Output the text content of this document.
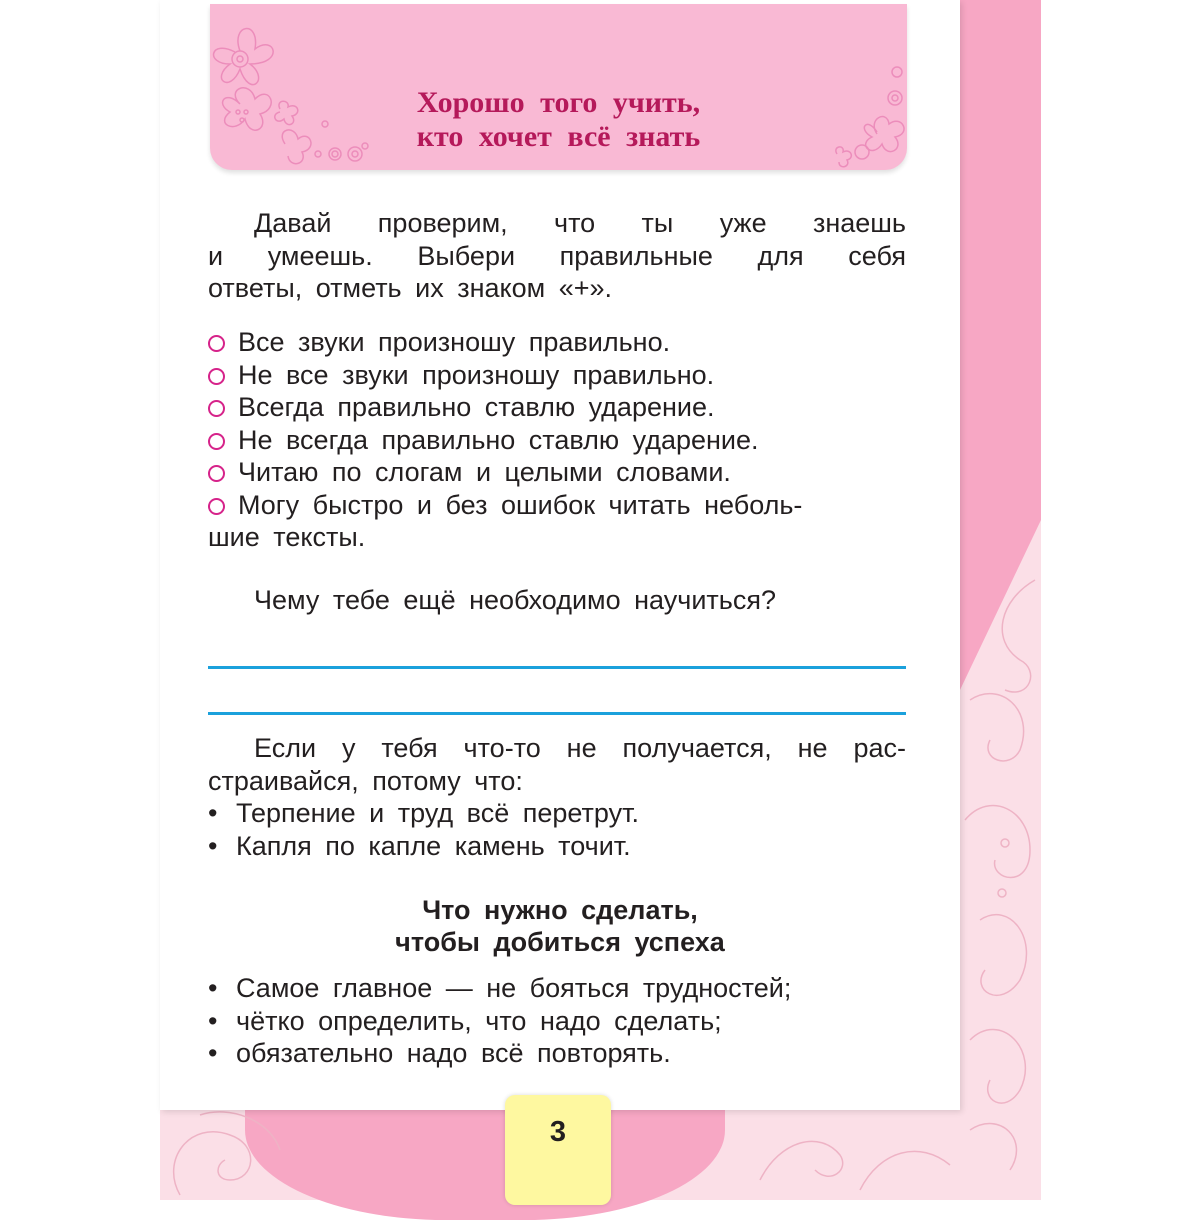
Хорошо того учить,
кто хочет всё знать
Давай проверим, что ты уже знаешь
и умеешь. Выбери правильные для себя
ответы, отметь их знаком «+».
Все звуки произношу правильно.
Не все звуки произношу правильно.
Всегда правильно ставлю ударение.
Не всегда правильно ставлю ударение.
Читаю по слогам и целыми словами.
Могу быстро и без ошибок читать неболь-
шие тексты.
Чему тебе ещё необходимо научиться?
Если у тебя что-то не получается, не рас-
страивайся, потому что:
• Терпение и труд всё перетрут.
• Капля по капле камень точит.
Что нужно сделать,
чтобы добиться успеха
• Самое главное — не бояться трудностей;
• чётко определить, что надо сделать;
• обязательно надо всё повторять.
3
